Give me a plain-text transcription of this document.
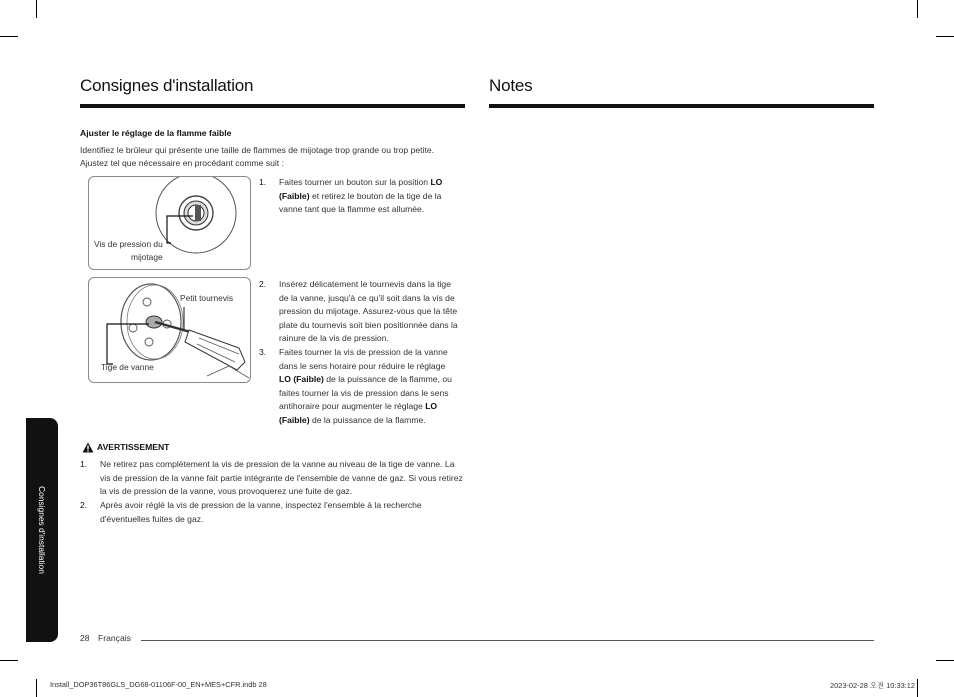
Consignes d'installation	Notes
Ajuster le réglage de la flamme faible
Identifiez le brûleur qui présente une taille de flammes de mijotage trop grande ou trop petite.
Ajustez tel que nécessaire en procédant comme suit :
Vis de pression du
mijotage
Petit tournevis
Tige de vanne
1. Faites tourner un bouton sur la position LO
(Faible) et retirez le bouton de la tige de la
vanne tant que la flamme est allumée.
2. Insérez délicatement le tournevis dans la tige
de la vanne, jusqu'à ce qu'il soit dans la vis de
pression du mijotage. Assurez-vous que la tête
plate du tournevis soit bien positionnée dans la
rainure de la vis de pression.
3. Faites tourner la vis de pression de la vanne
dans le sens horaire pour réduire le réglage
LO (Faible) de la puissance de la flamme, ou
faites tourner la vis de pression dans le sens
antihoraire pour augmenter le réglage LO
(Faible) de la puissance de la flamme.
AVERTISSEMENT
1. Ne retirez pas complètement la vis de pression de la vanne au niveau de la tige de vanne. La
vis de pression de la vanne fait partie intégrante de l'ensemble de vanne de gaz. Si vous retirez
la vis de pression de la vanne, vous provoquerez une fuite de gaz.
2. Après avoir réglé la vis de pression de la vanne, inspectez l'ensemble à la recherche
d'éventuelles fuites de gaz.
Consignes d'installation
28 Français
Install_DOP36T86GLS_DG68-01106F-00_EN+MES+CFR.indb 28	2023-02-28 오전 10:33:12
